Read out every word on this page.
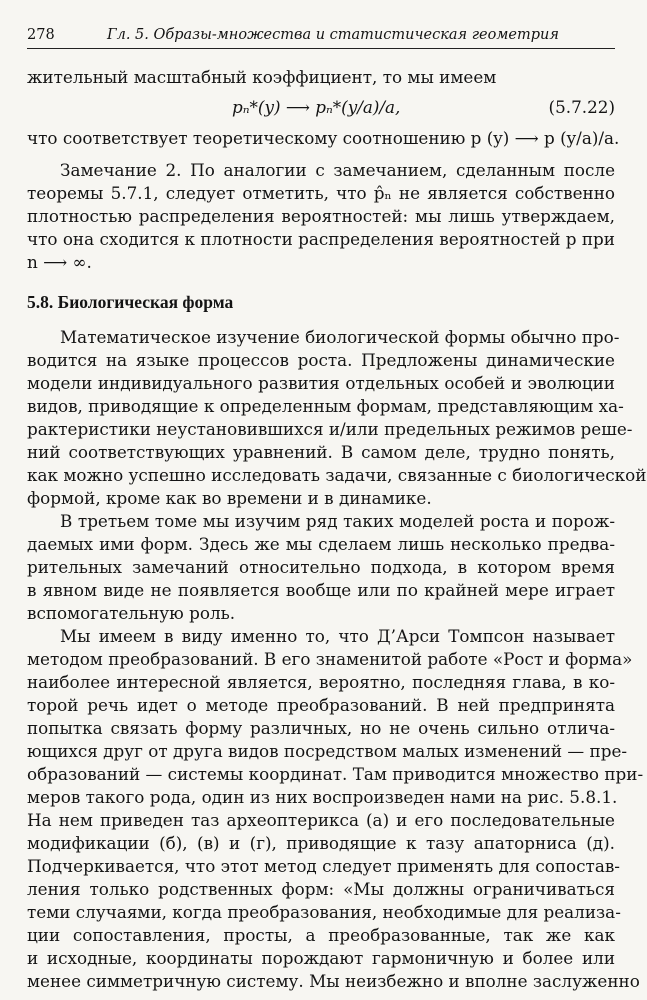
278	Гл. 5. Образы-множества и статистическая геометрия

жительный масштабный коэффициент, то мы имеем
pₙ*(y) ⟶ pₙ*(y/a)/a,	(5.7.22)
что соответствует теоретическому соотношению p (y) ⟶ p (y/a)/a.
Замечание 2. По аналогии с замечанием, сделанным после
теоремы 5.7.1, следует отметить, что p̂ₙ не является собственно
плотностью распределения вероятностей: мы лишь утверждаем,
что она сходится к плотности распределения вероятностей p при
n ⟶ ∞.
5.8. Биологическая форма
Математическое изучение биологической формы обычно про-
водится на языке процессов роста. Предложены динамические
модели индивидуального развития отдельных особей и эволюции
видов, приводящие к определенным формам, представляющим ха-
рактеристики неустановившихся и/или предельных режимов реше-
ний соответствующих уравнений. В самом деле, трудно понять,
как можно успешно исследовать задачи, связанные с биологической
формой, кроме как во времени и в динамике.
В третьем томе мы изучим ряд таких моделей роста и порож-
даемых ими форм. Здесь же мы сделаем лишь несколько предва-
рительных замечаний относительно подхода, в котором время
в явном виде не появляется вообще или по крайней мере играет
вспомогательную роль.
Мы имеем в виду именно то, что Д’Арси Томпсон называет
методом преобразований. В его знаменитой работе «Рост и форма»
наиболее интересной является, вероятно, последняя глава, в ко-
торой речь идет о методе преобразований. В ней предпринята
попытка связать форму различных, но не очень сильно отлича-
ющихся друг от друга видов посредством малых изменений — пре-
образований — системы координат. Там приводится множество при-
меров такого рода, один из них воспроизведен нами на рис. 5.8.1.
На нем приведен таз археоптерикса (а) и его последовательные
модификации (б), (в) и (г), приводящие к тазу апаторниса (д).
Подчеркивается, что этот метод следует применять для сопостав-
ления только родственных форм: «Мы должны ограничиваться
теми случаями, когда преобразования, необходимые для реализа-
ции сопоставления, просты, а преобразованные, так же как
и исходные, координаты порождают гармоничную и более или
менее симметричную систему. Мы неизбежно и вполне заслуженно
